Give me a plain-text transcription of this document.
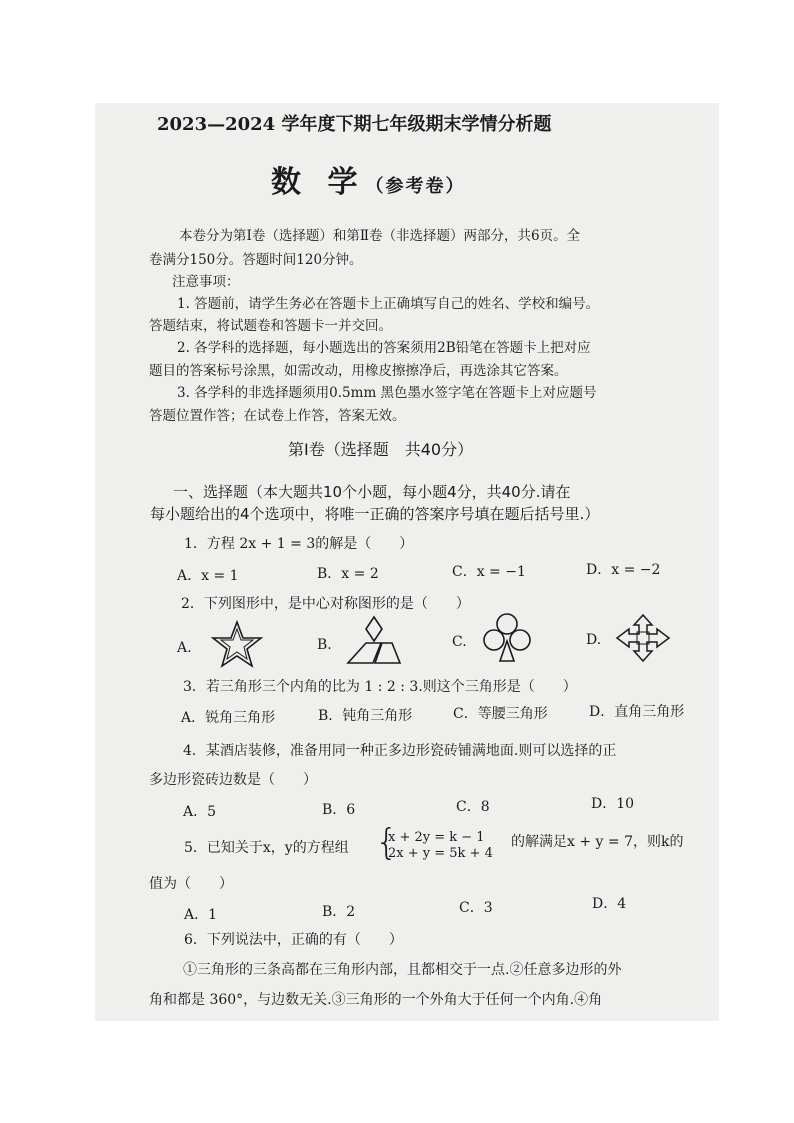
2023—2024 学年度下期七年级期末学情分析题
数 学（参考卷）
本卷分为第Ⅰ卷（选择题）和第Ⅱ卷（非选择题）两部分，共6页。全
卷满分150分。答题时间120分钟。
注意事项：
1. 答题前，请学生务必在答题卡上正确填写自己的姓名、学校和编号。
答题结束，将试题卷和答题卡一并交回。
2. 各学科的选择题，每小题选出的答案须用2B铅笔在答题卡上把对应
题目的答案标号涂黑，如需改动，用橡皮擦擦净后，再选涂其它答案。
3. 各学科的非选择题须用0.5mm 黑色墨水签字笔在答题卡上对应题号
答题位置作答；在试卷上作答，答案无效。
第Ⅰ卷（选择题　共40分）
一、选择题（本大题共10个小题，每小题4分，共40分.请在
每小题给出的4个选项中，将唯一正确的答案序号填在题后括号里.）
1．方程 2x + 1 = 3的解是（　　）
A．x = 1	B．x = 2	C．x = −1	D．x = −2
2．下列图形中，是中心对称图形的是（　　）
A.	B.	C.	D.
3．若三角形三个内角的比为 1 : 2 : 3.则这个三角形是（　　）
A．锐角三角形	B．钝角三角形	C．等腰三角形	D．直角三角形
4．某酒店装修，准备用同一种正多边形瓷砖铺满地面.则可以选择的正
多边形瓷砖边数是（　　）
A．5	B．6	C．8	D．10
5．已知关于x，y的方程组 {
x + 2y = k − 1
2x + y = 5k + 4
的解满足x + y = 7，则k的
值为（　　）
A．1	B．2	C．3	D．4
6．下列说法中，正确的有（　　）
①三角形的三条高都在三角形内部，且都相交于一点.②任意多边形的外
角和都是 360°，与边数无关.③三角形的一个外角大于任何一个内角.④角
